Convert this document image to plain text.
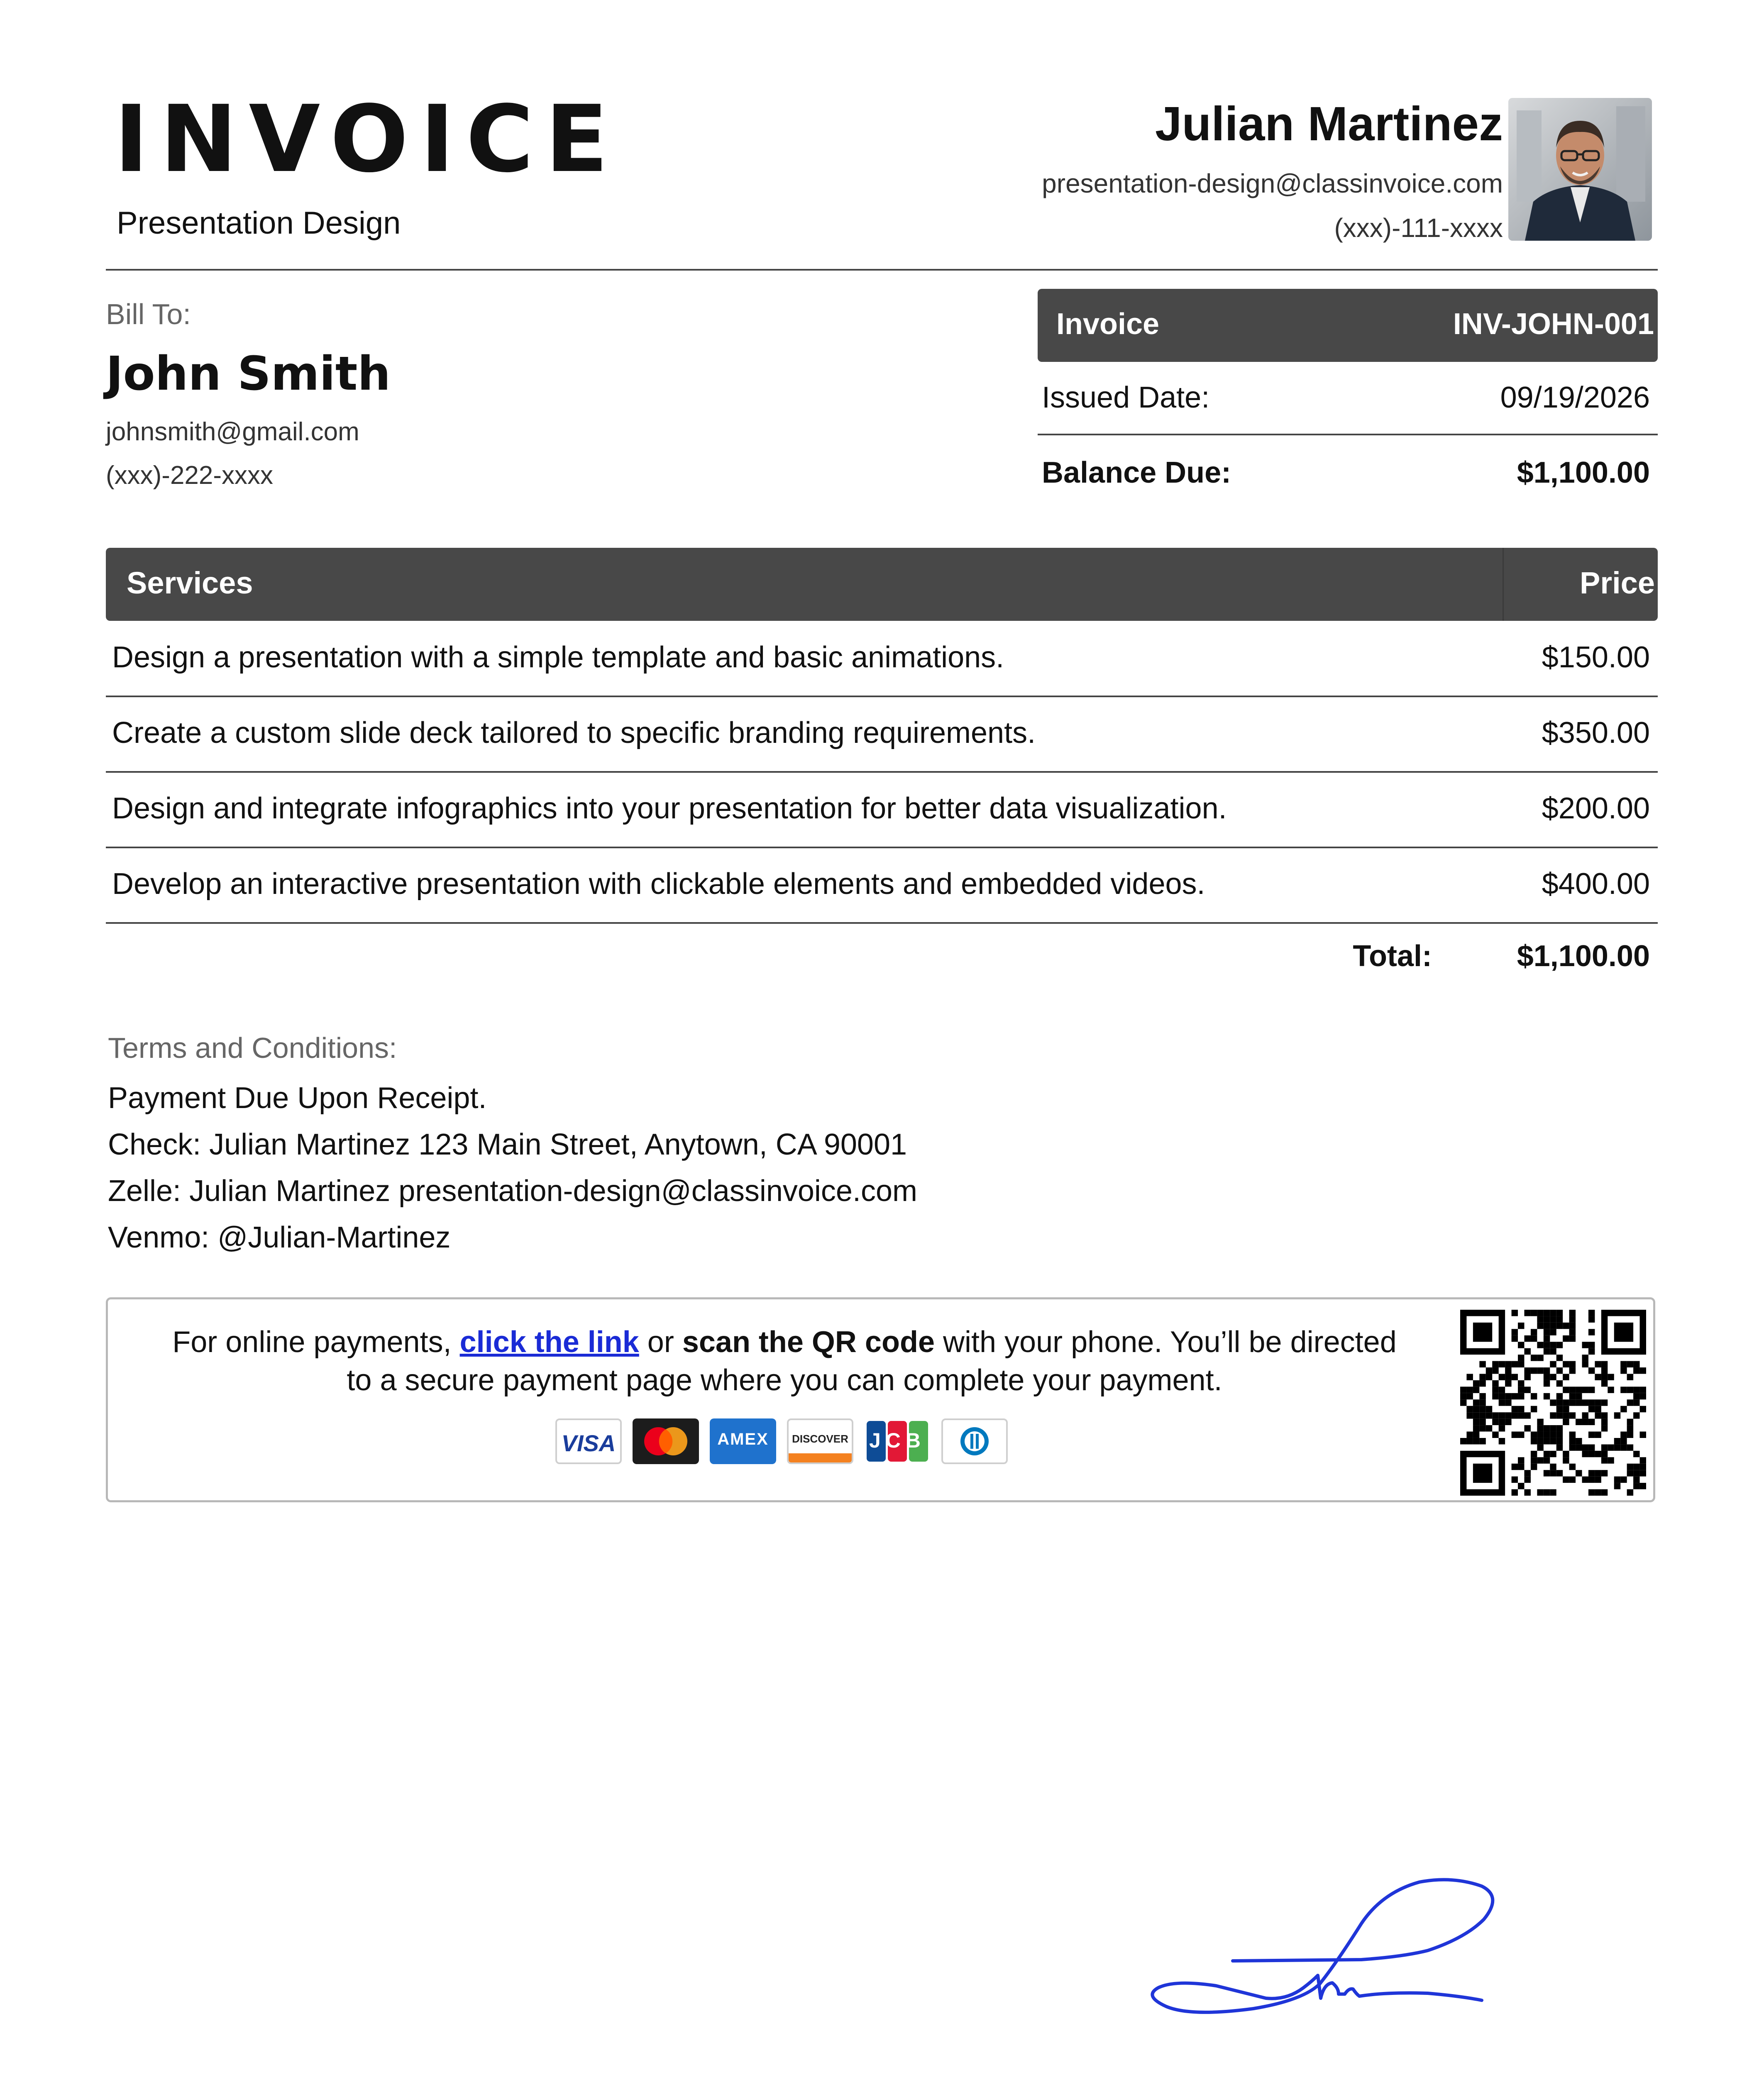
INVOICE
Presentation Design
Julian Martinez
presentation-design@classinvoice.com
(xxx)-111-xxxx
Bill To:
John Smith
johnsmith@gmail.com
(xxx)-222-xxxx
Invoice	INV-JOHN-001
Issued Date:	09/19/2026
Balance Due:	$1,100.00
Services	Price
Design a presentation with a simple template and basic animations.	$150.00
Create a custom slide deck tailored to specific branding requirements.	$350.00
Design and integrate infographics into your presentation for better data visualization.	$200.00
Develop an interactive presentation with clickable elements and embedded videos.	$400.00
Total:	$1,100.00
Terms and Conditions:
Payment Due Upon Receipt.
Check: Julian Martinez 123 Main Street, Anytown, CA 90001
Zelle: Julian Martinez presentation-design@classinvoice.com
Venmo: @Julian-Martinez
For online payments, click the link or scan the QR code with your phone. You’ll be directed
to a secure payment page where you can complete your payment.
VISA	AMEX	DISCOVER JCB
